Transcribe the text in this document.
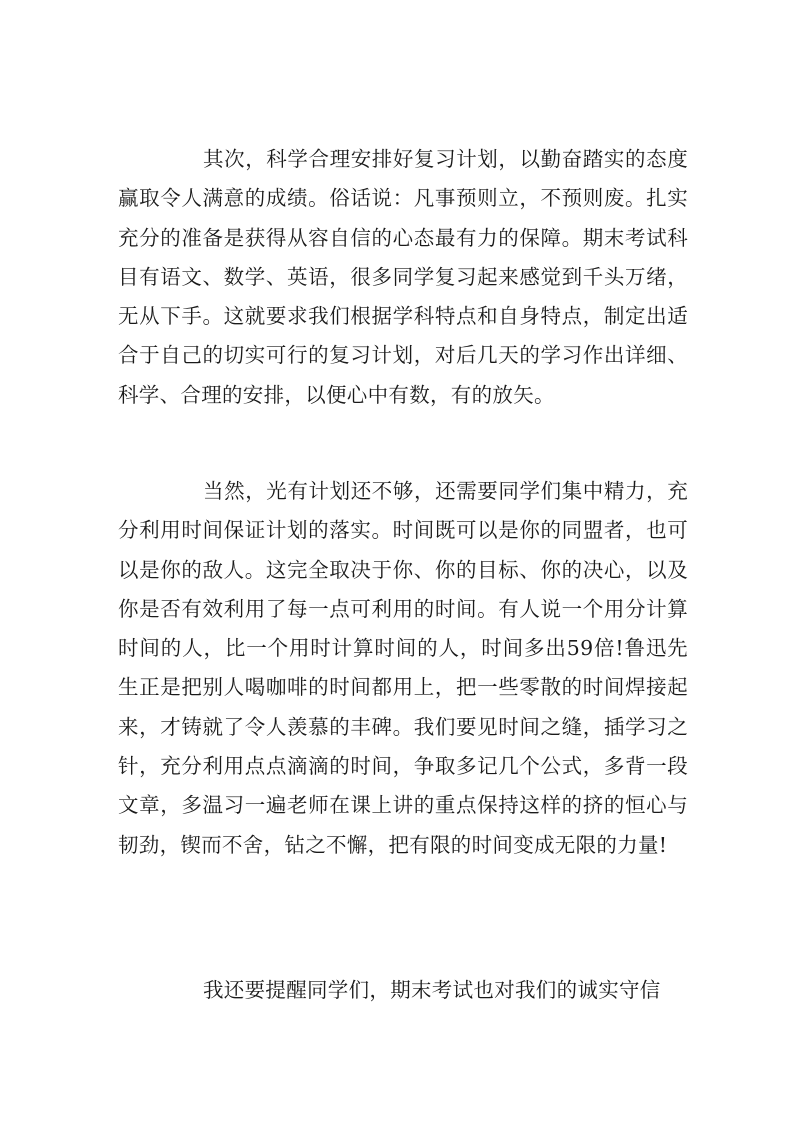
其次，科学合理安排好复习计划，以勤奋踏实的态度赢取令人满意的成绩。俗话说：凡事预则立，不预则废。扎实充分的准备是获得从容自信的心态最有力的保障。期末考试科目有语文、数学、英语，很多同学复习起来感觉到千头万绪，无从下手。这就要求我们根据学科特点和自身特点，制定出适合于自己的切实可行的复习计划，对后几天的学习作出详细、科学、合理的安排，以便心中有数，有的放矢。

当然，光有计划还不够，还需要同学们集中精力，充分利用时间保证计划的落实。时间既可以是你的同盟者，也可以是你的敌人。这完全取决于你、你的目标、你的决心，以及你是否有效利用了每一点可利用的时间。有人说一个用分计算时间的人，比一个用时计算时间的人，时间多出59倍!鲁迅先生正是把别人喝咖啡的时间都用上，把一些零散的时间焊接起来，才铸就了令人羡慕的丰碑。我们要见时间之缝，插学习之针，充分利用点点滴滴的时间，争取多记几个公式，多背一段文章，多温习一遍老师在课上讲的重点保持这样的挤的恒心与韧劲，锲而不舍，钻之不懈，把有限的时间变成无限的力量!

我还要提醒同学们，期末考试也对我们的诚实守信
